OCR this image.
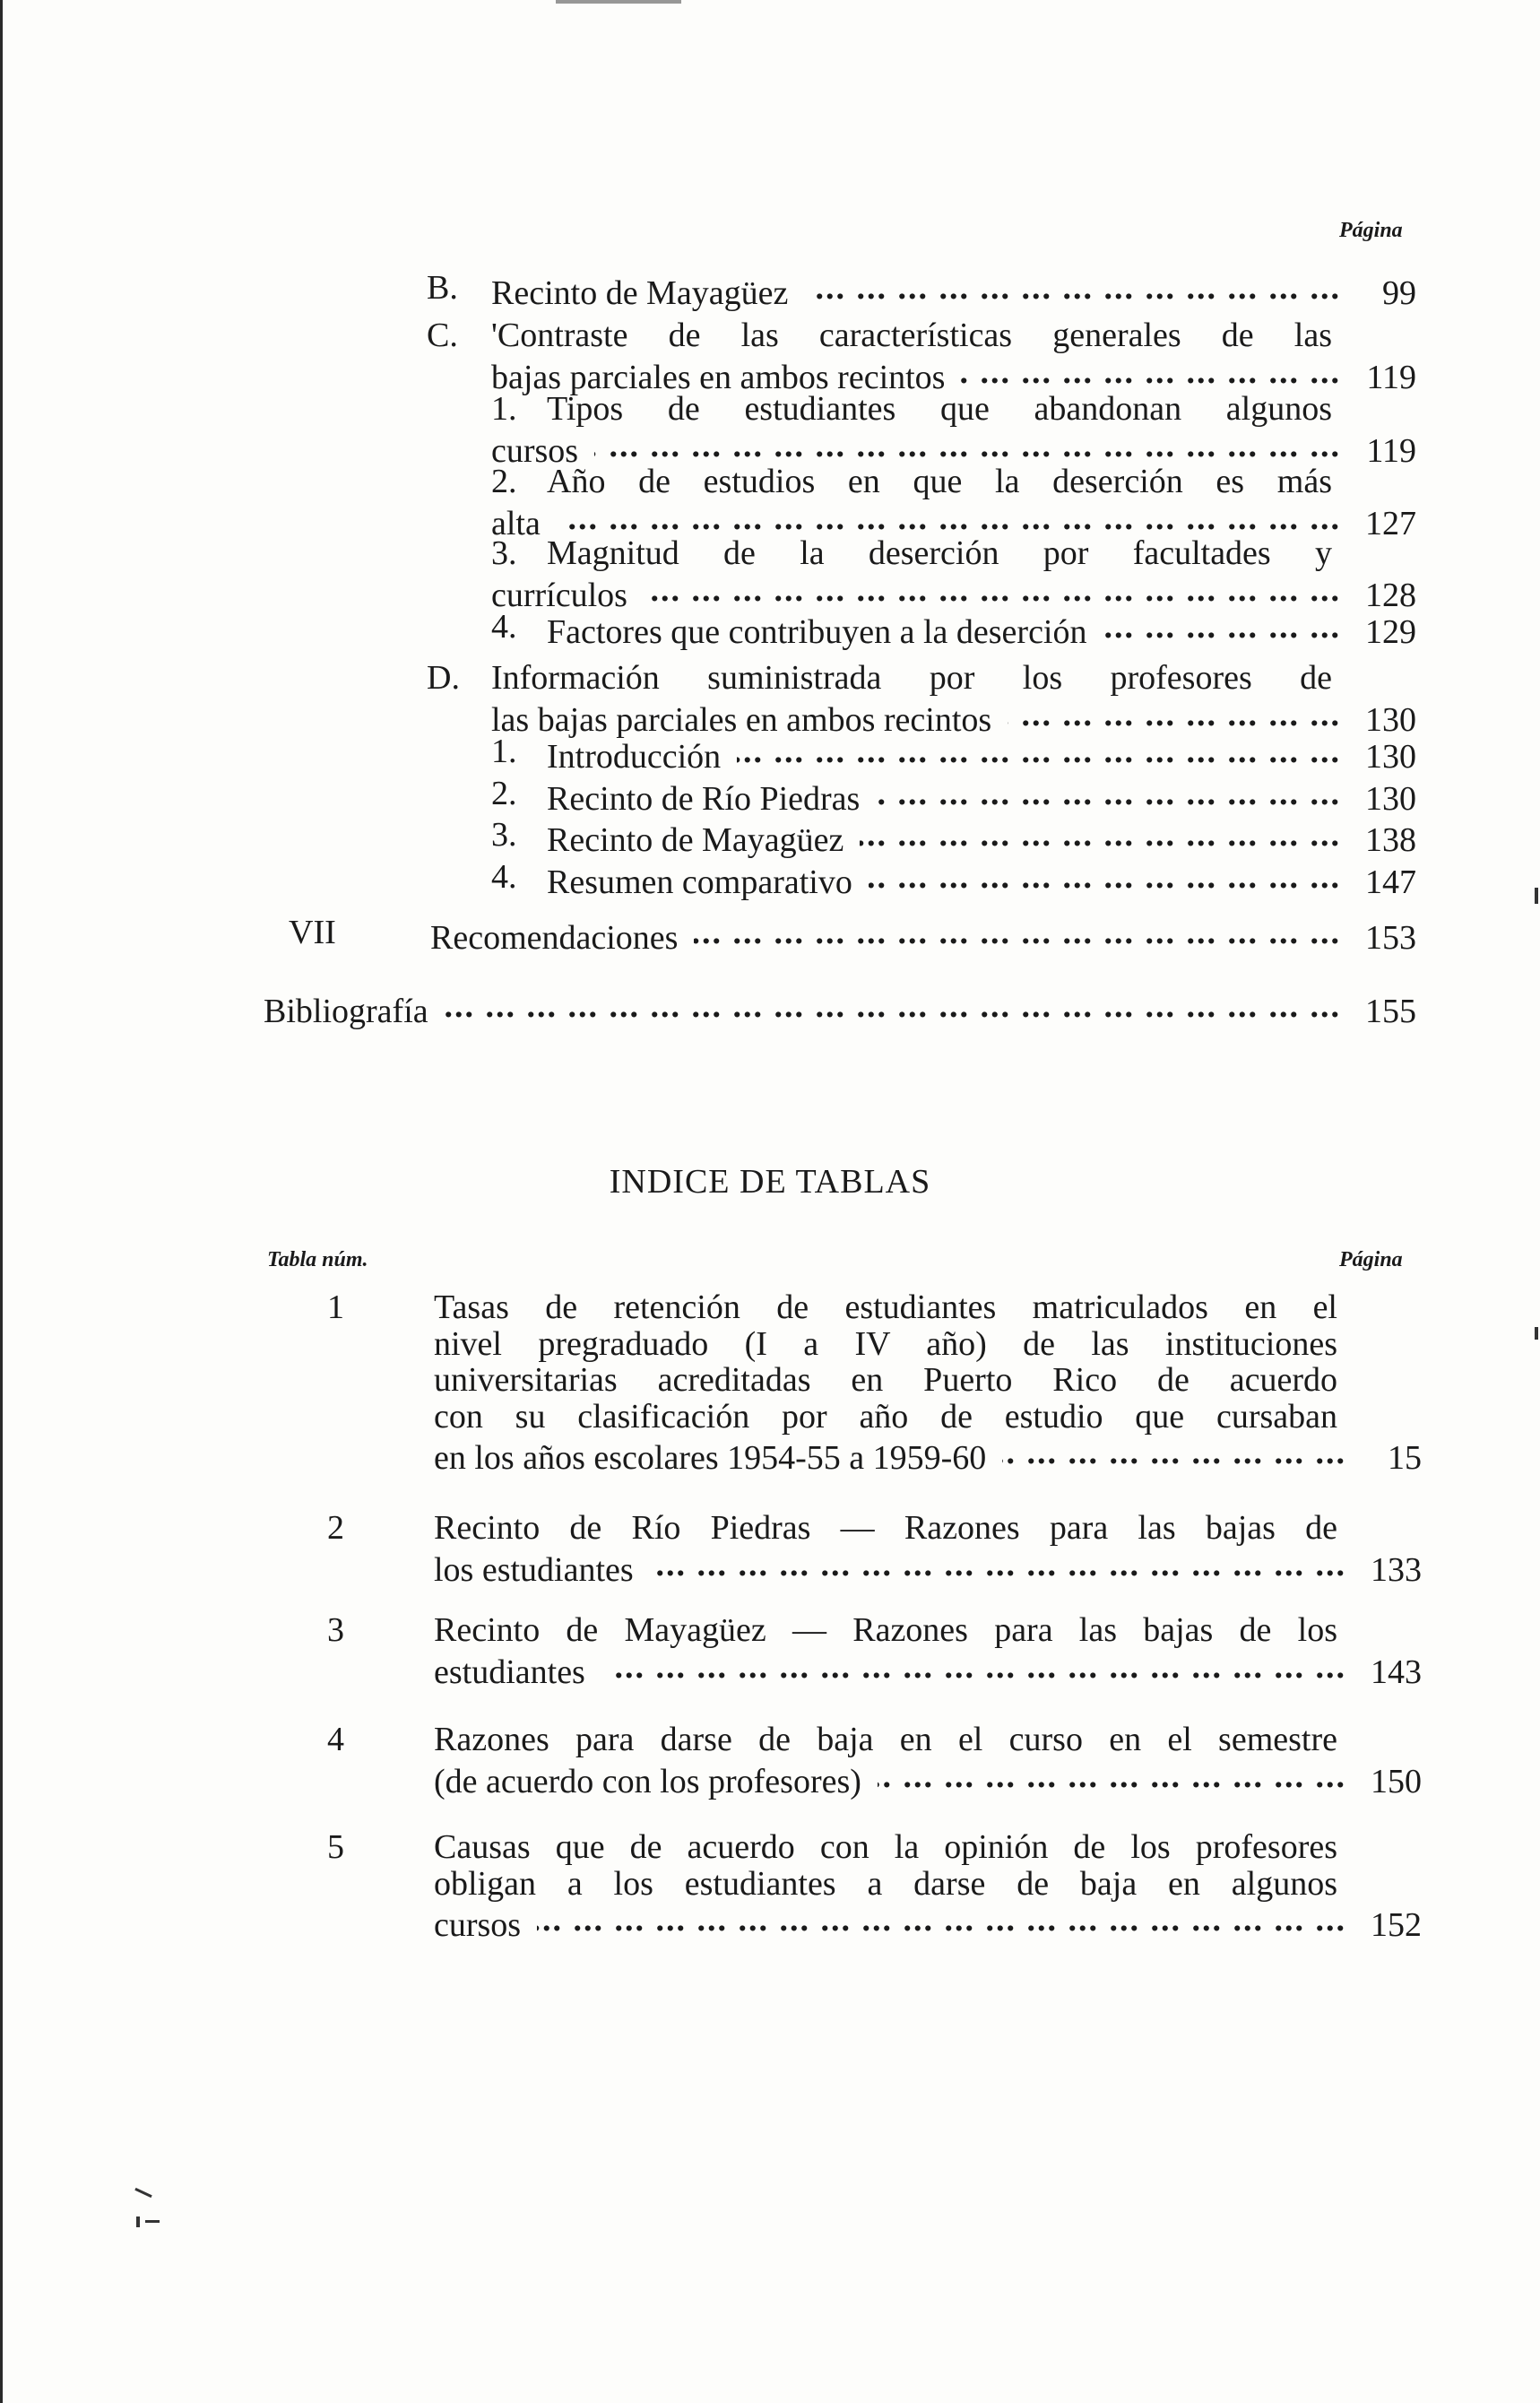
Página
B. Recinto de Mayagüez ... .	99
C. 'Contraste de las características generales de las
bajas parciales en ambos recintos ... .	119
1. Tipos de estudiantes que abandonan algunos
cursos ... .	119
2. Año de estudios en que la deserción es más
alta ... .	127
3. Magnitud de la deserción por facultades y
currículos ... .	128
4. Factores que contribuyen a la deserción ... .	129
D. Información suministrada por los profesores de
las bajas parciales en ambos recintos ... .	130
1. Introducción ... .	130
2. Recinto de Río Piedras ... .	130
3. Recinto de Mayagüez ... .	138
4. Resumen comparativo ... .	147
VII	Recomendaciones ... .	153
Bibliografía ... .	155
INDICE DE TABLAS
Tabla núm.	Página
1	Tasas de retención de estudiantes matriculados en el
nivel pregraduado (I a IV año) de las instituciones
universitarias acreditadas en Puerto Rico de acuerdo
con su clasificación por año de estudio que cursaban
en los años escolares 1954-55 a 1959-60 ... .	15
2	Recinto de Río Piedras — Razones para las bajas de
los estudiantes ... .	133
3	Recinto de Mayagüez — Razones para las bajas de los
estudiantes ... .	143
4	Razones para darse de baja en el curso en el semestre
(de acuerdo con los profesores) ... .	150
5	Causas que de acuerdo con la opinión de los profesores
obligan a los estudiantes a darse de baja en algunos
cursos ... .	152
